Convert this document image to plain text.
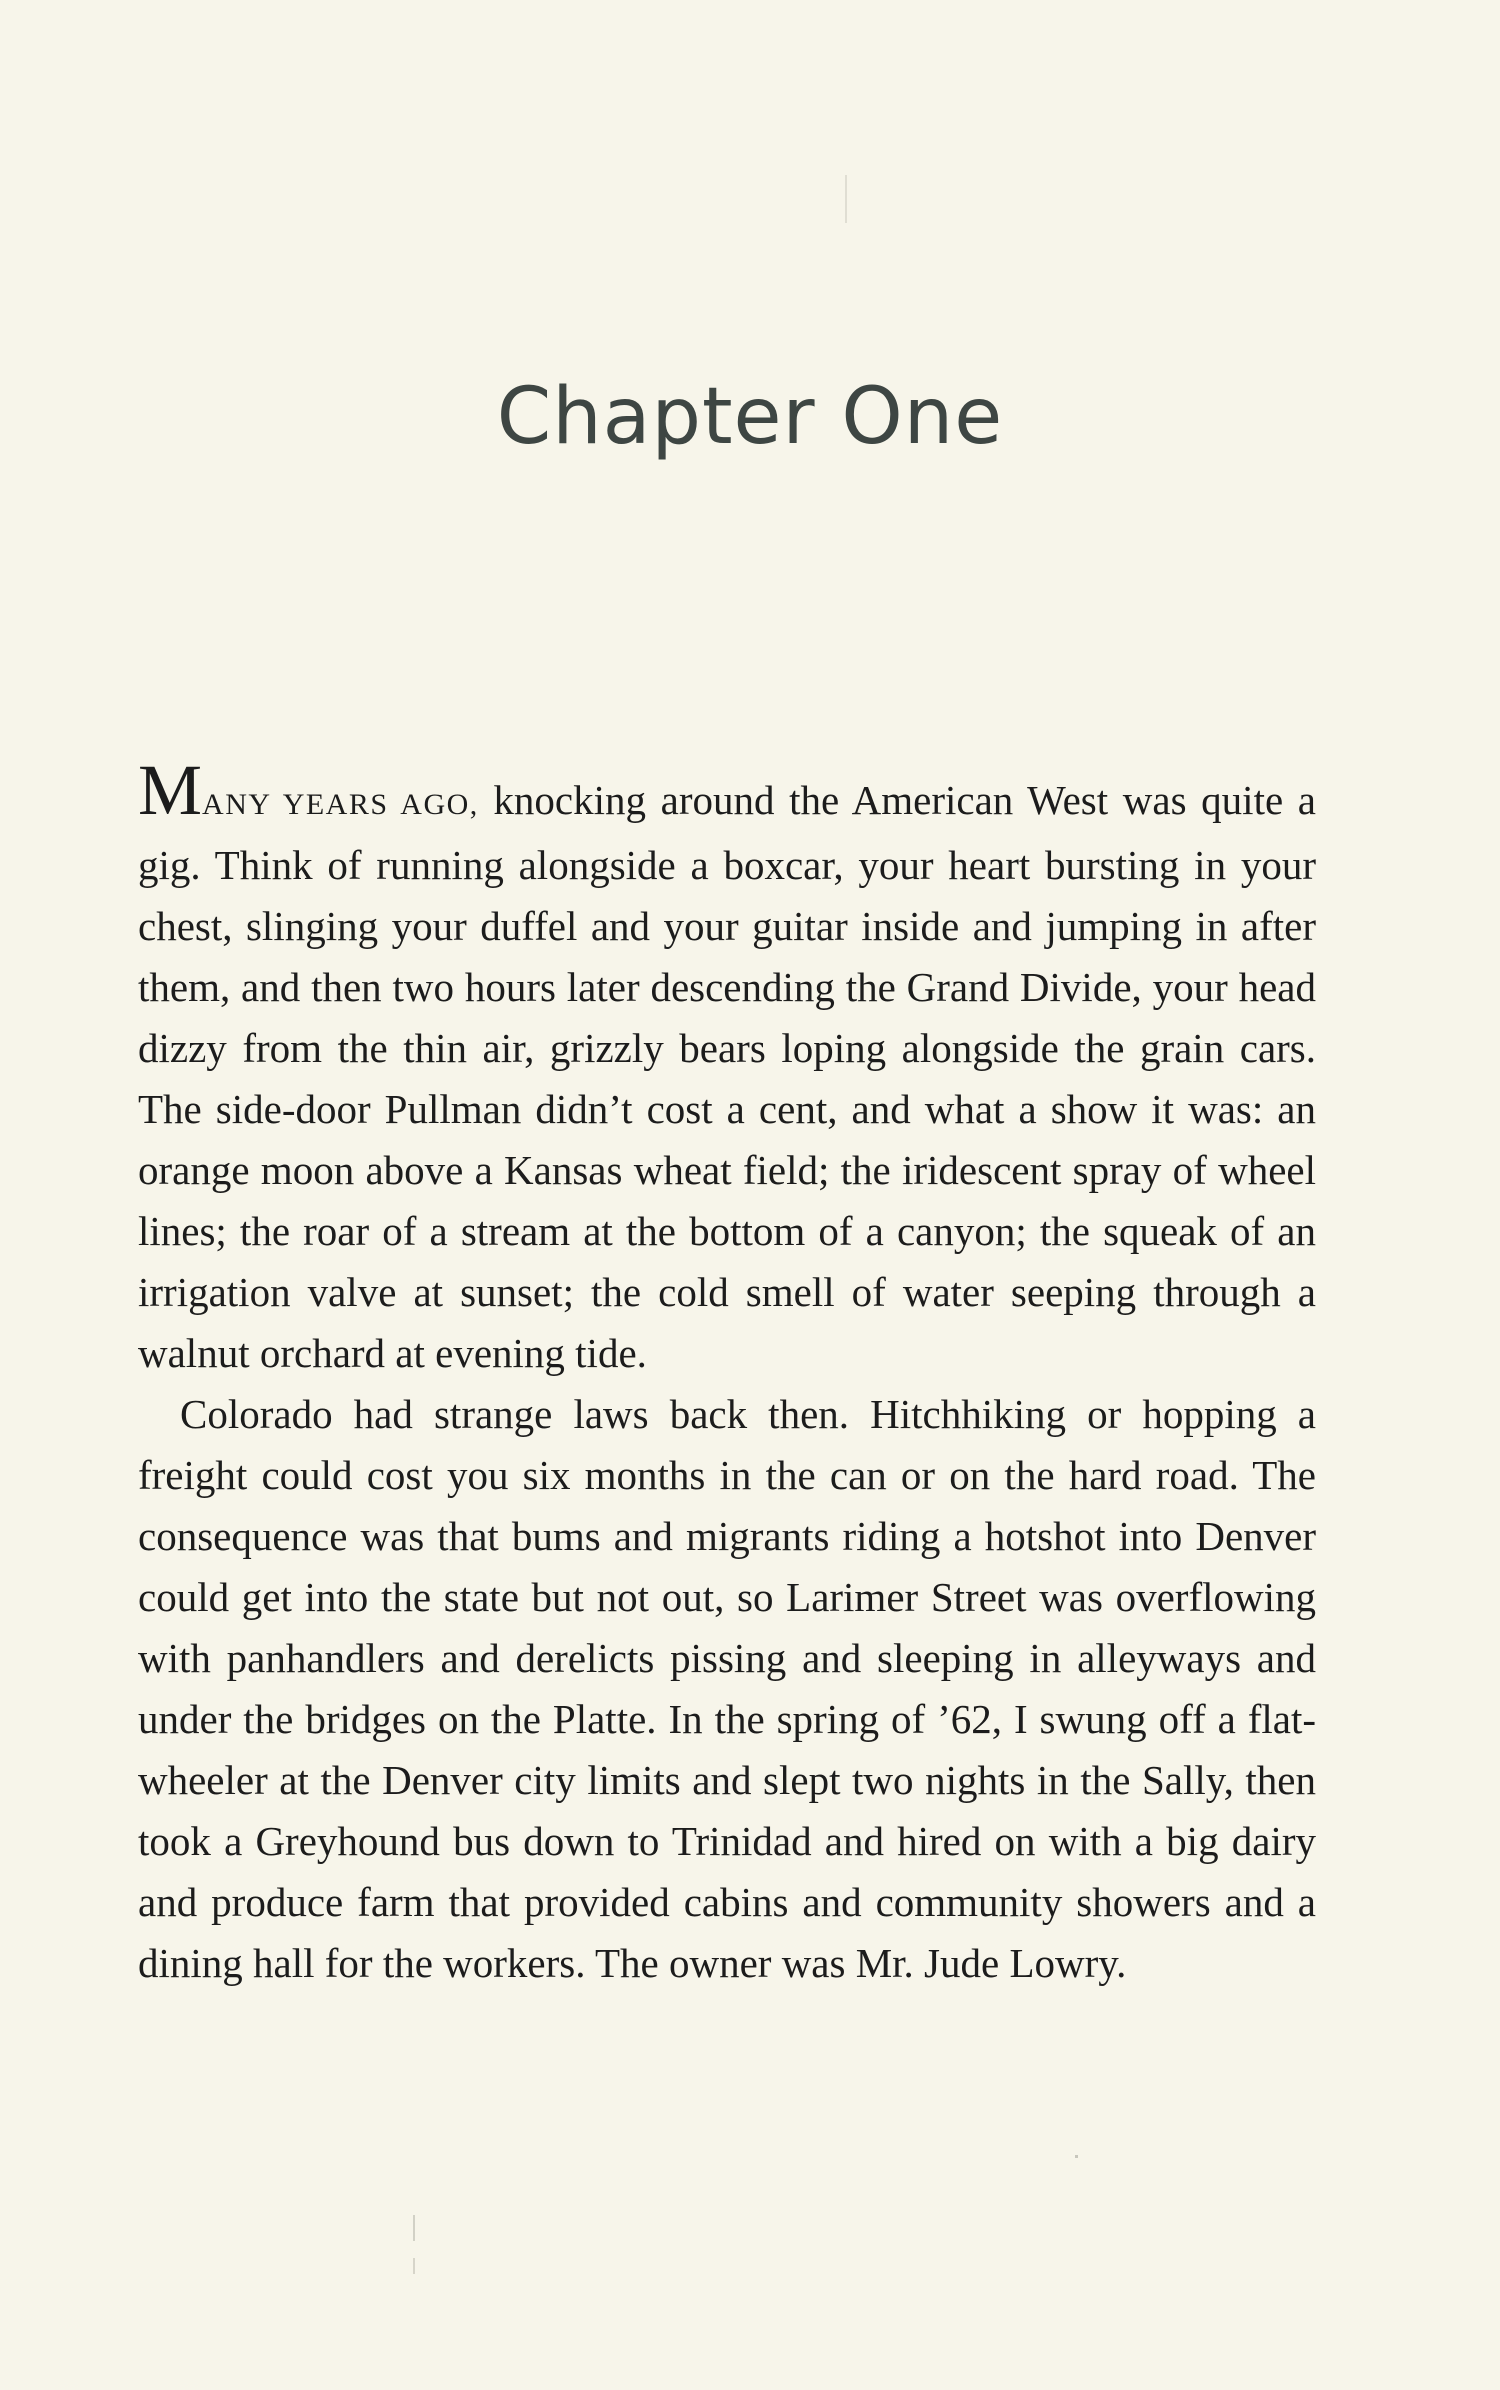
Chapter One

MANY YEARS AGO, knocking around the American West was quite a gig. Think of running alongside a boxcar, your heart bursting in your chest, slinging your duffel and your guitar inside and jumping in after them, and then two hours later descending the Grand Divide, your head dizzy from the thin air, grizzly bears loping alongside the grain cars. The side-door Pullman didn’t cost a cent, and what a show it was: an orange moon above a Kansas wheat field; the iridescent spray of wheel lines; the roar of a stream at the bottom of a canyon; the squeak of an irrigation valve at sunset; the cold smell of water seeping through a walnut orchard at evening tide.

Colorado had strange laws back then. Hitchhiking or hopping a freight could cost you six months in the can or on the hard road. The consequence was that bums and migrants riding a hotshot into Denver could get into the state but not out, so Larimer Street was overflowing with panhandlers and derelicts pissing and sleeping in alleyways and under the bridges on the Platte. In the spring of ’62, I swung off a flat-wheeler at the Denver city limits and slept two nights in the Sally, then took a Greyhound bus down to Trinidad and hired on with a big dairy and produce farm that provided cabins and community showers and a dining hall for the workers. The owner was Mr. Jude Lowry.
